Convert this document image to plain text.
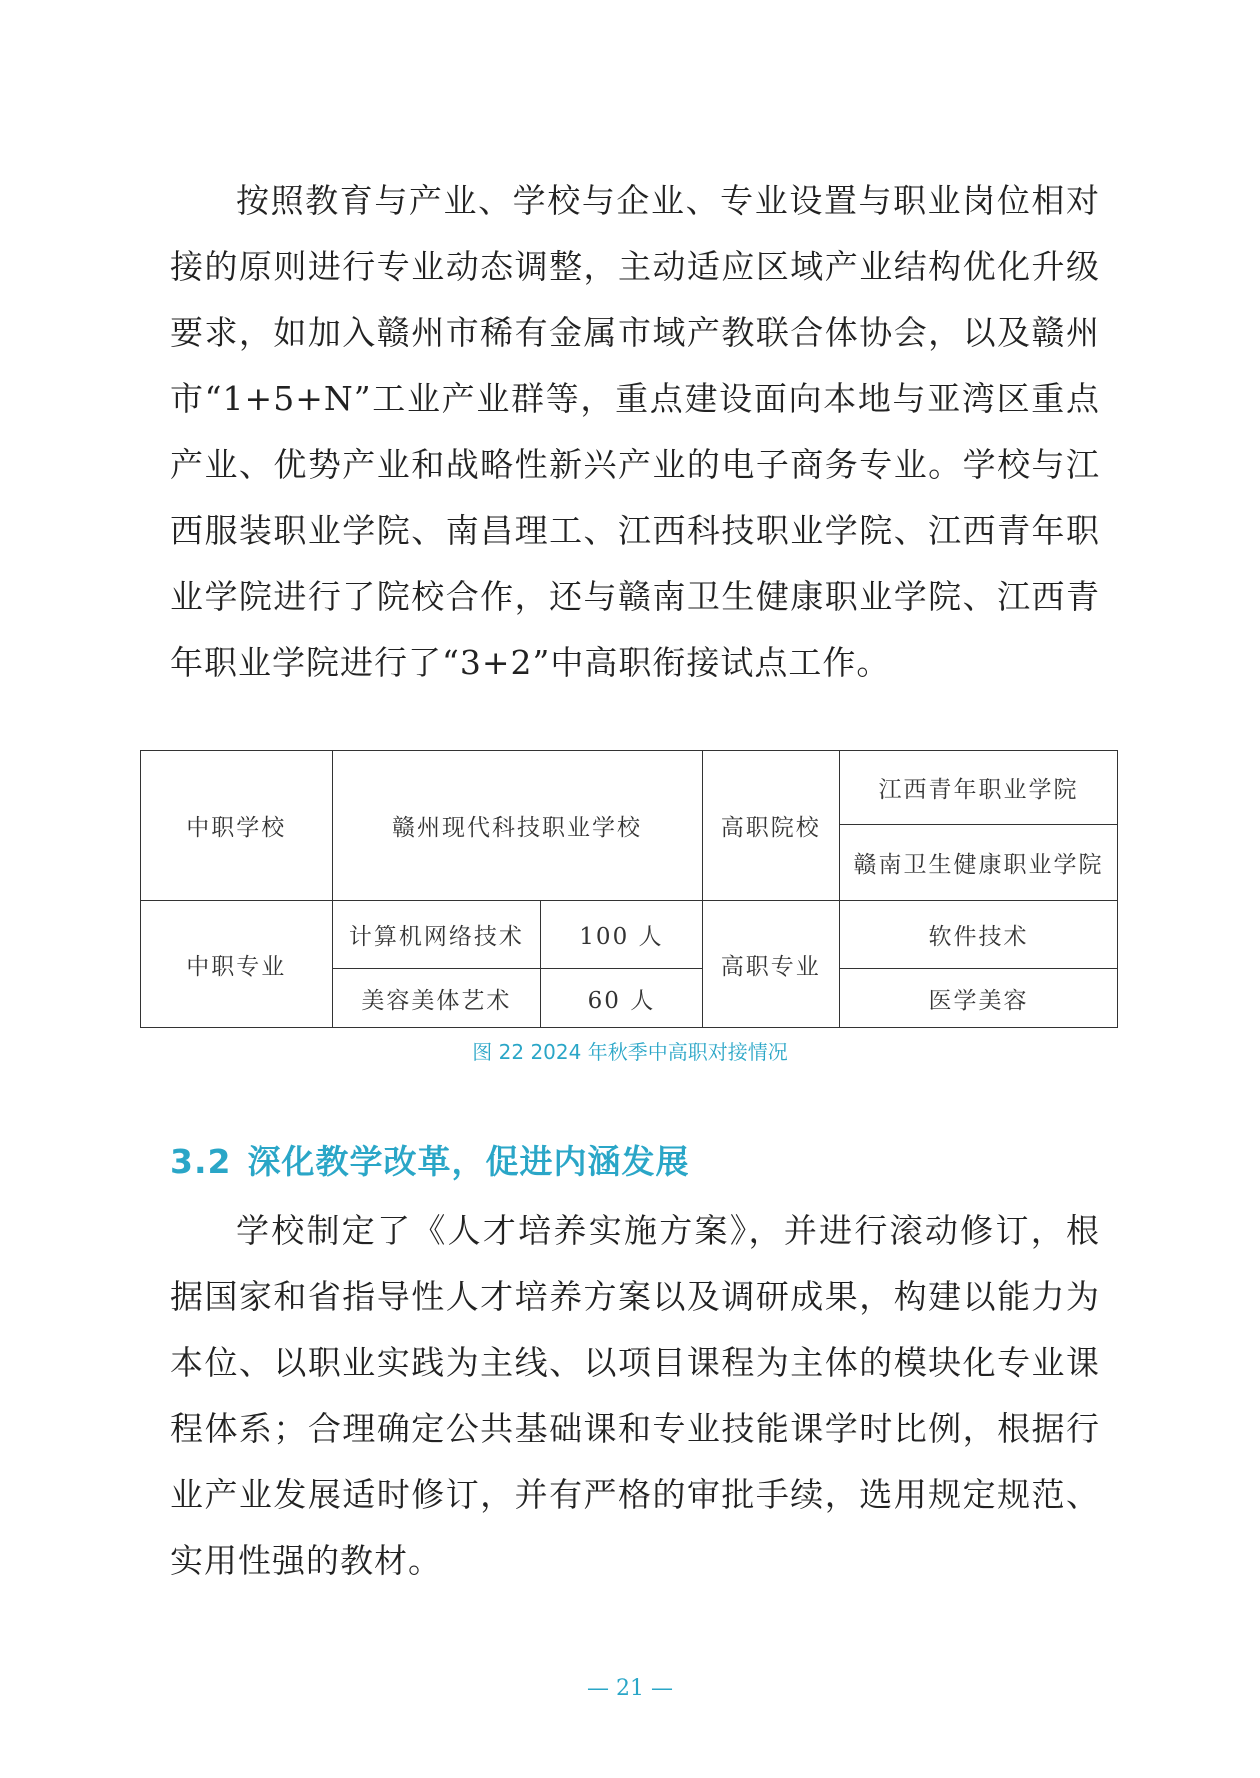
按照教育与产业、学校与企业、专业设置与职业岗位相对接的原则进行专业动态调整，主动适应区域产业结构优化升级要求，如加入赣州市稀有金属市域产教联合体协会，以及赣州市“1+5+N”工业产业群等，重点建设面向本地与亚湾区重点产业、优势产业和战略性新兴产业的电子商务专业。学校与江西服装职业学院、南昌理工、江西科技职业学院、江西青年职业学院进行了院校合作，还与赣南卫生健康职业学院、江西青年职业学院进行了“3+2”中高职衔接试点工作。

中职学校	赣州现代科技职业学校		高职院校	江西青年职业学院
				赣南卫生健康职业学院
中职专业	计算机网络技术	100 人	高职专业	软件技术
	美容美体艺术	60 人		医学美容
图 22 2024 年秋季中高职对接情况
3.2 深化教学改革，促进内涵发展

学校制定了《人才培养实施方案》，并进行滚动修订，根据国家和省指导性人才培养方案以及调研成果，构建以能力为本位、以职业实践为主线、以项目课程为主体的模块化专业课程体系；合理确定公共基础课和专业技能课学时比例，根据行业产业发展适时修订，并有严格的审批手续，选用规定规范、实用性强的教材。

— 21 —
